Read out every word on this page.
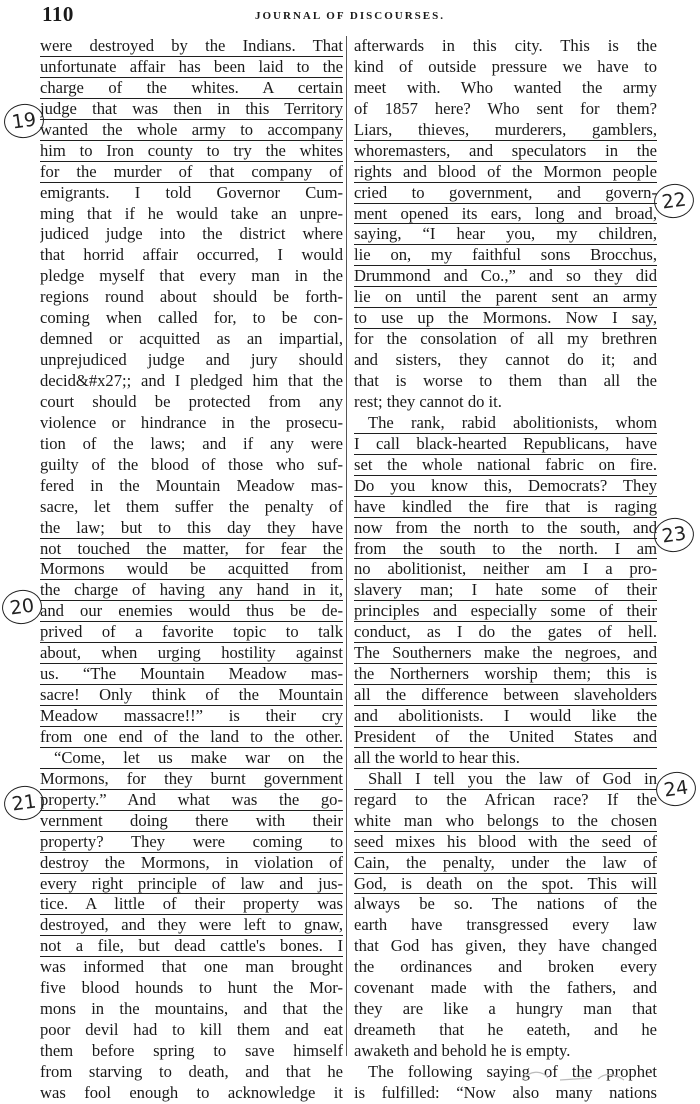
110	JOURNAL OF DISCOURSES.
were destroyed by the Indians. That
unfortunate affair has been laid to the
charge of the whites. A certain
judge that was then in this Territory
wanted the whole army to accompany
him to Iron county to try the whites
for the murder of that company of
emigrants. I told Governor Cum-
ming that if he would take an unpre-
judiced judge into the district where
that horrid affair occurred, I would
pledge myself that every man in the
regions round about should be forth-
coming when called for, to be con-
demned or acquitted as an impartial,
unprejudiced judge and jury should
decid&#x27;; and I pledged him that the
court should be protected from any
violence or hindrance in the prosecu-
tion of the laws; and if any were
guilty of the blood of those who suf-
fered in the Mountain Meadow mas-
sacre, let them suffer the penalty of
the law; but to this day they have
not touched the matter, for fear the
Mormons would be acquitted from
the charge of having any hand in it,
and our enemies would thus be de-
prived of a favorite topic to talk
about, when urging hostility against
us. “The Mountain Meadow mas-
sacre! Only think of the Mountain
Meadow massacre!!” is their cry
from one end of the land to the other.
“Come, let us make war on the
Mormons, for they burnt government
property.” And what was the go-
vernment doing there with their
property? They were coming to
destroy the Mormons, in violation of
every right principle of law and jus-
tice. A little of their property was
destroyed, and they were left to gnaw,
not a file, but dead cattle's bones. I
was informed that one man brought
five blood hounds to hunt the Mor-
mons in the mountains, and that the
poor devil had to kill them and eat
them before spring to save himself
from starving to death, and that he
was fool enough to acknowledge it
afterwards in this city. This is the
kind of outside pressure we have to
meet with. Who wanted the army
of 1857 here? Who sent for them?
Liars, thieves, murderers, gamblers,
whoremasters, and speculators in the
rights and blood of the Mormon people
cried to government, and govern-
ment opened its ears, long and broad,
saying, “I hear you, my children,
lie on, my faithful sons Brocchus,
Drummond and Co.,” and so they did
lie on until the parent sent an army
to use up the Mormons. Now I say,
for the consolation of all my brethren
and sisters, they cannot do it; and
that is worse to them than all the
rest; they cannot do it.
The rank, rabid abolitionists, whom
I call black-hearted Republicans, have
set the whole national fabric on fire.
Do you know this, Democrats? They
have kindled the fire that is raging
now from the north to the south, and
from the south to the north. I am
no abolitionist, neither am I a pro-
slavery man; I hate some of their
principles and especially some of their
conduct, as I do the gates of hell.
The Southerners make the negroes, and
the Northerners worship them; this is
all the difference between slaveholders
and abolitionists. I would like the
President of the United States and
all the world to hear this.
Shall I tell you the law of God in
regard to the African race? If the
white man who belongs to the chosen
seed mixes his blood with the seed of
Cain, the penalty, under the law of
God, is death on the spot. This will
always be so. The nations of the
earth have transgressed every law
that God has given, they have changed
the ordinances and broken every
covenant made with the fathers, and
they are like a hungry man that
dreameth that he eateth, and he
awaketh and behold he is empty.
The following saying of the prophet
is fulfilled: “Now also many nations
19
20
21
22
23
24
